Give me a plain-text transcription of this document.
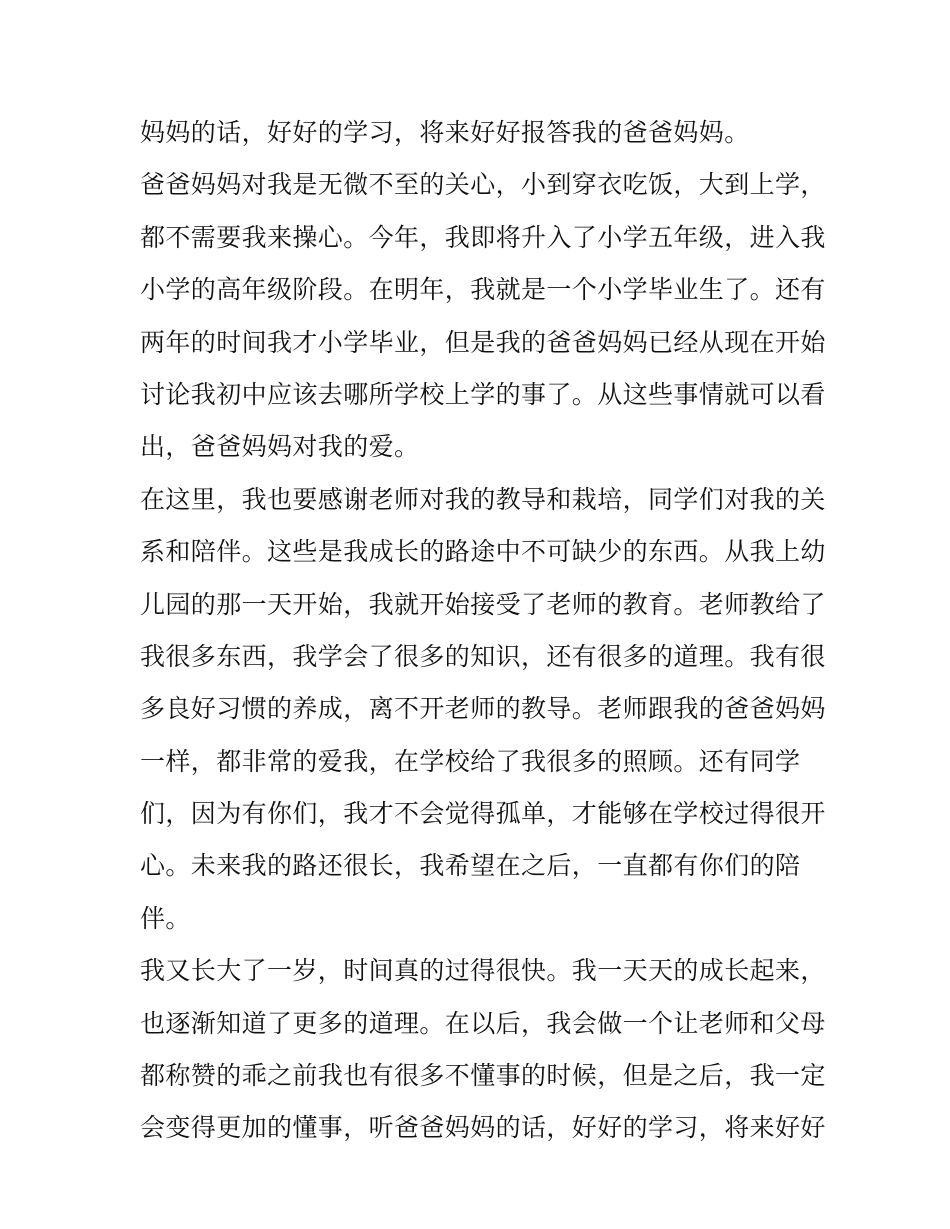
妈妈的话，好好的学习，将来好好报答我的爸爸妈妈。
爸爸妈妈对我是无微不至的关心，小到穿衣吃饭，大到上学，
都不需要我来操心。今年，我即将升入了小学五年级，进入我
小学的高年级阶段。在明年，我就是一个小学毕业生了。还有
两年的时间我才小学毕业，但是我的爸爸妈妈已经从现在开始
讨论我初中应该去哪所学校上学的事了。从这些事情就可以看
出，爸爸妈妈对我的爱。
在这里，我也要感谢老师对我的教导和栽培，同学们对我的关
系和陪伴。这些是我成长的路途中不可缺少的东西。从我上幼
儿园的那一天开始，我就开始接受了老师的教育。老师教给了
我很多东西，我学会了很多的知识，还有很多的道理。我有很
多良好习惯的养成，离不开老师的教导。老师跟我的爸爸妈妈
一样，都非常的爱我，在学校给了我很多的照顾。还有同学
们，因为有你们，我才不会觉得孤单，才能够在学校过得很开
心。未来我的路还很长，我希望在之后，一直都有你们的陪
伴。
我又长大了一岁，时间真的过得很快。我一天天的成长起来，
也逐渐知道了更多的道理。在以后，我会做一个让老师和父母
都称赞的乖之前我也有很多不懂事的时候，但是之后，我一定
会变得更加的懂事，听爸爸妈妈的话，好好的学习，将来好好
